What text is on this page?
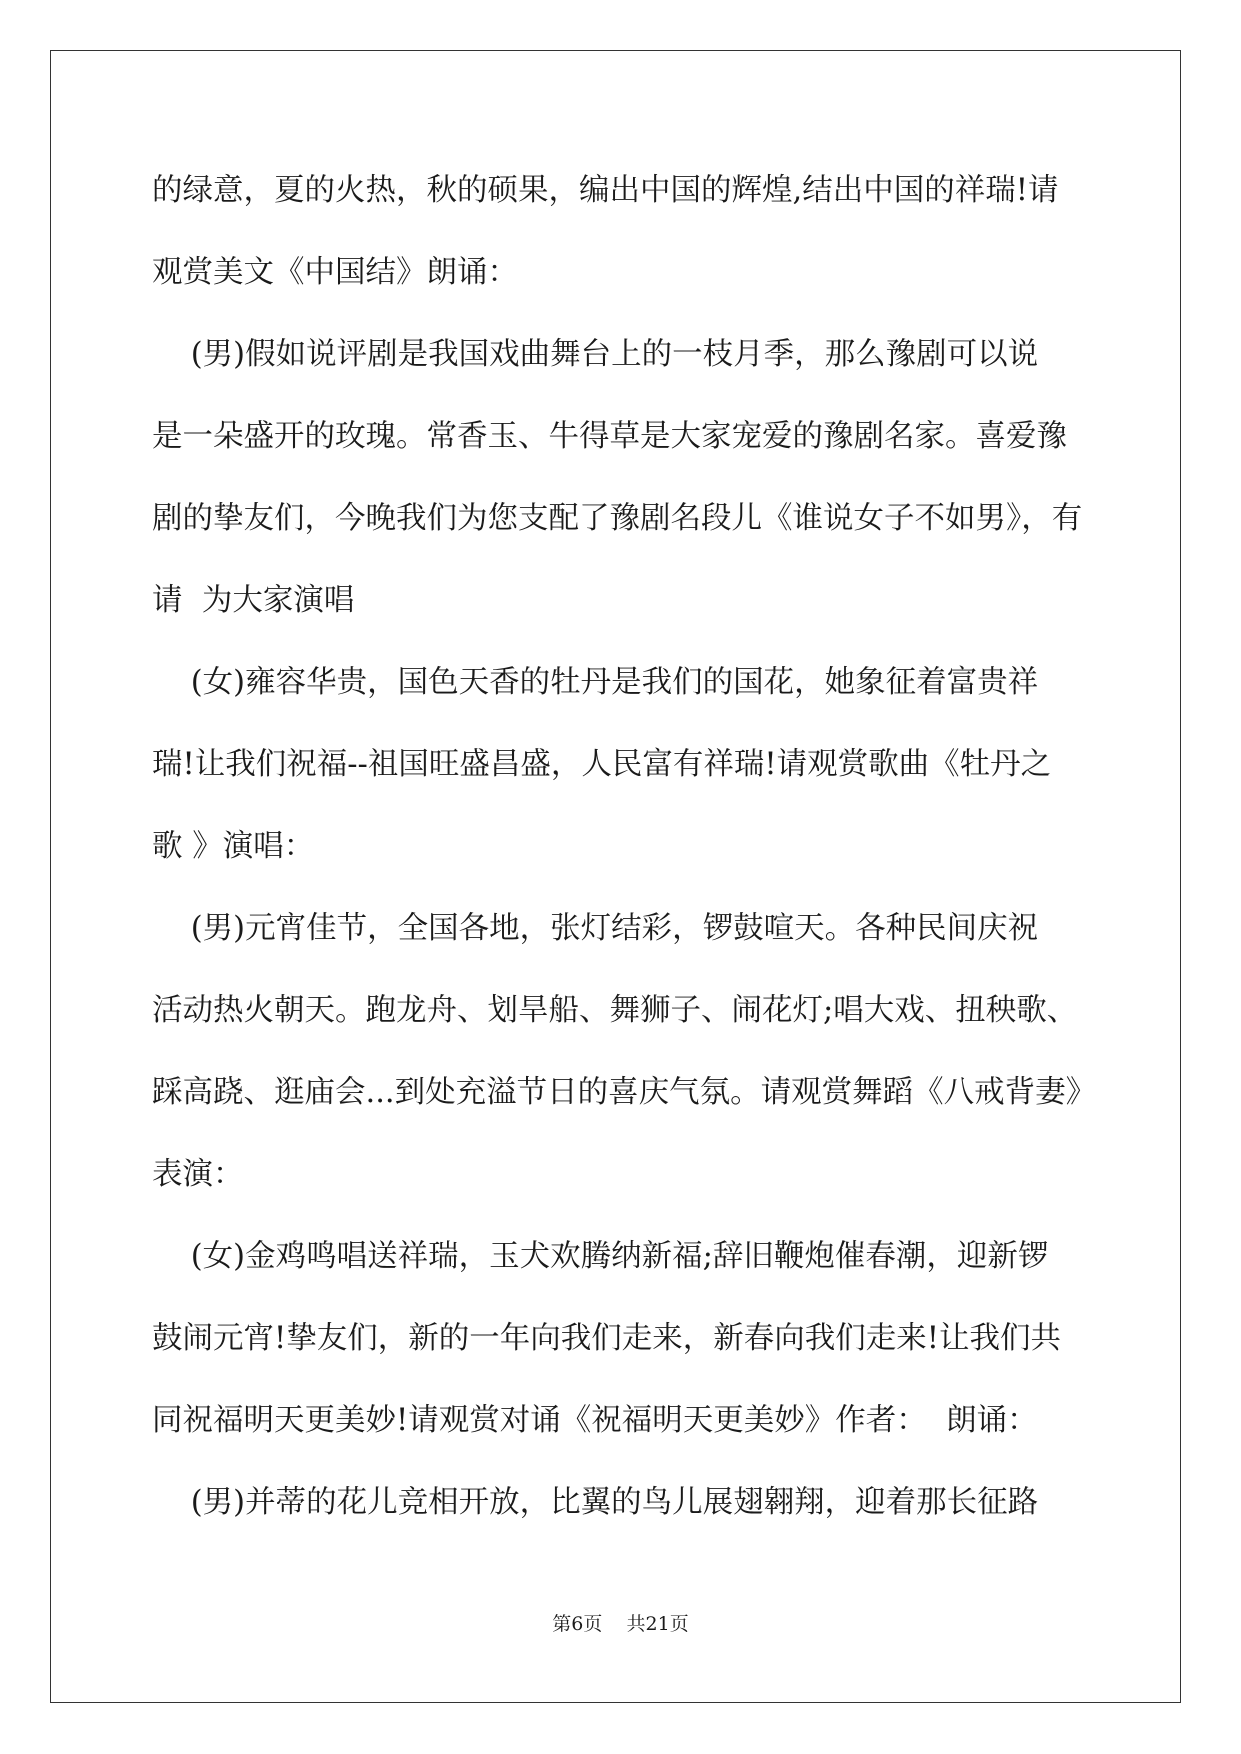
的绿意，夏的火热，秋的硕果，编出中国的辉煌,结出中国的祥瑞!请
观赏美文《中国结》朗诵：
(男)假如说评剧是我国戏曲舞台上的一枝月季，那么豫剧可以说
是一朵盛开的玫瑰。常香玉、牛得草是大家宠爱的豫剧名家。喜爱豫
剧的挚友们，今晚我们为您支配了豫剧名段儿《谁说女子不如男》，有
请  为大家演唱
(女)雍容华贵，国色天香的牡丹是我们的国花，她象征着富贵祥
瑞!让我们祝福--祖国旺盛昌盛，人民富有祥瑞!请观赏歌曲《牡丹之
歌 》演唱：
(男)元宵佳节，全国各地，张灯结彩，锣鼓喧天。各种民间庆祝
活动热火朝天。跑龙舟、划旱船、舞狮子、闹花灯;唱大戏、扭秧歌、
踩高跷、逛庙会...到处充溢节日的喜庆气氛。请观赏舞蹈《八戒背妻》
表演：
(女)金鸡鸣唱送祥瑞，玉犬欢腾纳新福;辞旧鞭炮催春潮，迎新锣
鼓闹元宵!挚友们，新的一年向我们走来，新春向我们走来!让我们共
同祝福明天更美妙!请观赏对诵《祝福明天更美妙》作者：  朗诵：
(男)并蒂的花儿竞相开放，比翼的鸟儿展翅翱翔，迎着那长征路
第6页    共21页
